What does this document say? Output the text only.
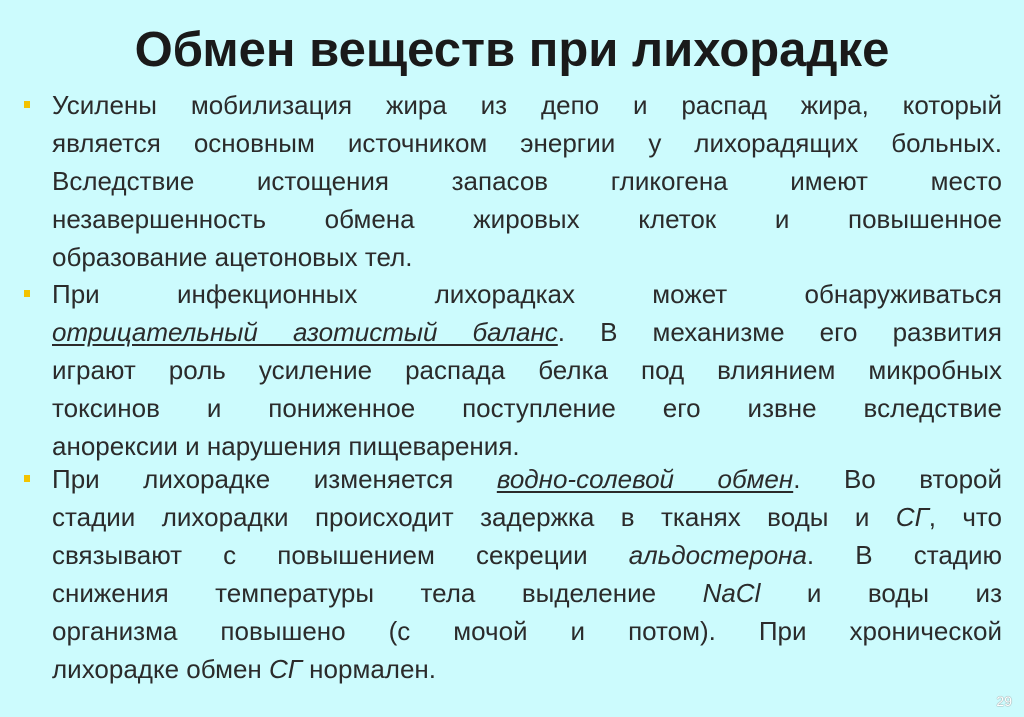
Обмен веществ при лихорадке
Усилены мобилизация жира из депо и распад жира, который
является основным источником энергии у лихорадящих больных.
Вследствие истощения запасов гликогена имеют место
незавершенность обмена жировых клеток и повышенное
образование ацетоновых тел.
При инфекционных лихорадках может обнаруживаться
отрицательный азотистый баланс. В механизме его развития
играют роль усиление распада белка под влиянием микробных
токсинов и пониженное поступление его извне вследствие
анорексии и нарушения пищеварения.
При лихорадке изменяется водно-солевой обмен. Во второй
стадии лихорадки происходит задержка в тканях воды и СГ, что
связывают с повышением секреции альдостерона. В стадию
снижения температуры тела выделение NaCl и воды из
организма повышено (с мочой и потом). При хронической
лихорадке обмен СГ нормален.
29
